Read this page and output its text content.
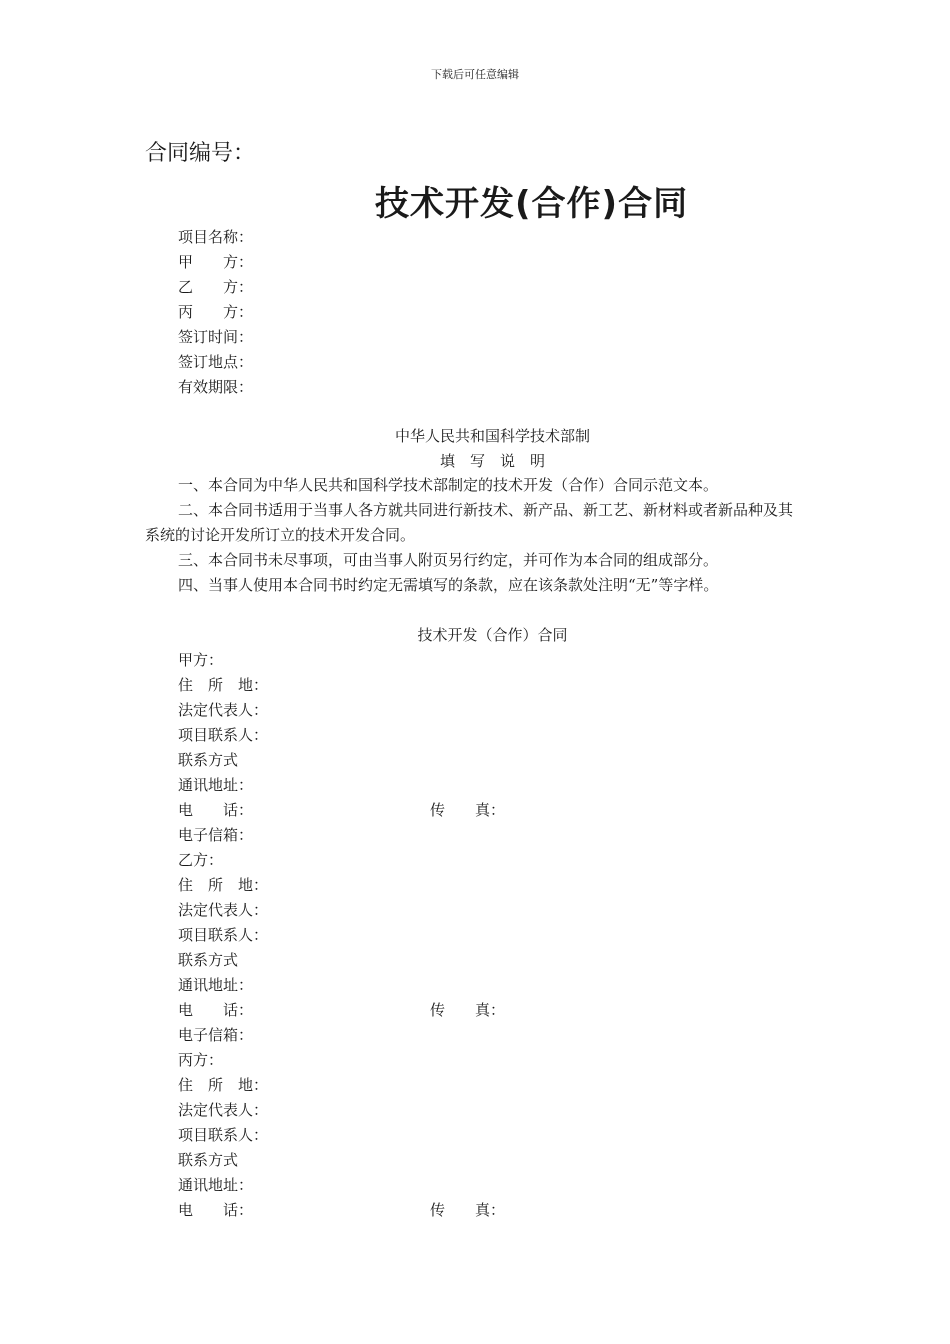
下载后可任意编辑
合同编号：
技术开发(合作)合同
项目名称：
甲　　方：
乙　　方：
丙　　方：
签订时间：
签订地点：
有效期限：
中华人民共和国科学技术部制
填　写　说　明
一、本合同为中华人民共和国科学技术部制定的技术开发（合作）合同示范文本。
二、本合同书适用于当事人各方就共同进行新技术、新产品、新工艺、新材料或者新品种及其系统的讨论开发所订立的技术开发合同。
三、本合同书未尽事项，可由当事人附页另行约定，并可作为本合同的组成部分。
四、当事人使用本合同书时约定无需填写的条款，应在该条款处注明“无”等字样。
技术开发（合作）合同
甲方：
住　所　地：
法定代表人：
项目联系人：
联系方式
通讯地址：
电　　话：	传　　真：
电子信箱：
乙方：
住　所　地：
法定代表人：
项目联系人：
联系方式
通讯地址：
电　　话：	传　　真：
电子信箱：
丙方：
住　所　地：
法定代表人：
项目联系人：
联系方式
通讯地址：
电　　话：	传　　真：
